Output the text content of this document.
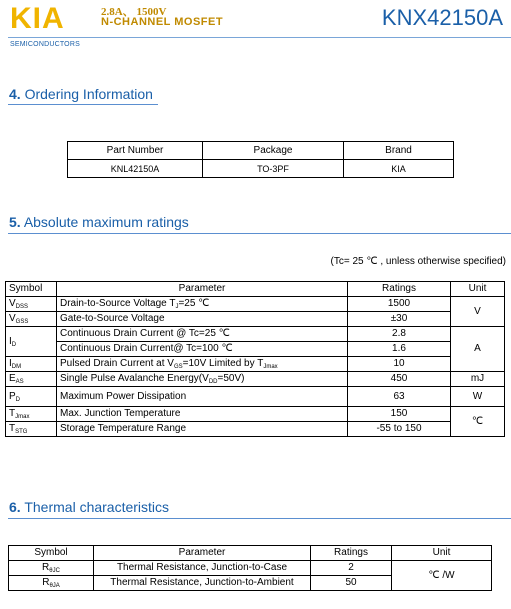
KIA
SEMICONDUCTORS
2.8A、 1500V
N-CHANNEL MOSFET	KNX42150A
4. Ordering Information
Part Number	Package	Brand
KNL42150A	TO-3PF	KIA
5. Absolute maximum ratings
(Tc= 25 ℃ , unless otherwise specified)
Symbol	Parameter	Ratings	Unit
$V_{DSS}$	Drain-to-Source Voltage $T_J=25$ ℃	1500	V
$V_{GSS}$	Gate-to-Source Voltage	±30	
$I_D$	Continuous Drain Current @ Tc=25 ℃	2.8	A
	Continuous Drain Current@ Tc=100 ℃	1.6	
$I_{DM}$	Pulsed Drain Current at $V_{GS}=10V$ Limited by $T_{Jmax}$	10	
$E_{AS}$	Single Pulse Avalanche $Energy(V_{DD}=50V)$	450	mJ
$P_D$	Maximum Power Dissipation	63	W
$T_{Jmax}$	Max. Junction Temperature	150	℃
$T_{STG}$	Storage Temperature Range	-55 to 150	
6. Thermal characteristics
Symbol	Parameter	Ratings	Unit
$R_{\theta JC}$	Thermal Resistance, Junction-to-Case	2	℃ /W
$R_{\theta JA}$	Thermal Resistance, Junction-to-Ambient	50	
